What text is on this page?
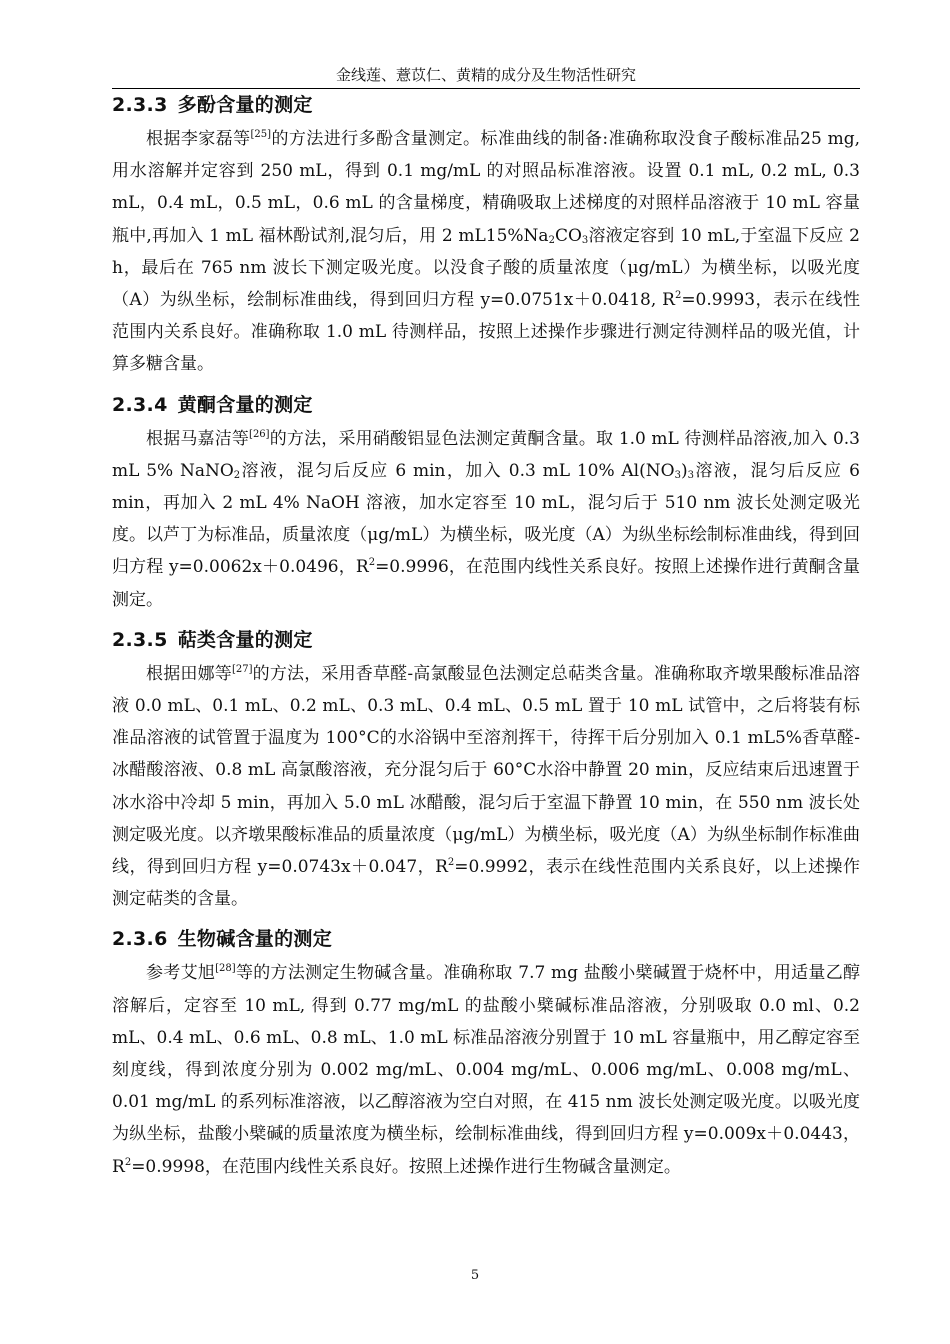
金线莲、薏苡仁、黄精的成分及生物活性研究
2.3.3 多酚含量的测定

根据李家磊等[25]的方法进行多酚含量测定。标准曲线的制备:准确称取没食子酸标准品25 mg,用水溶解并定容到 250 mL，得到 0.1 mg/mL 的对照品标准溶液。设置 0.1 mL, 0.2 mL, 0.3 mL，0.4 mL，0.5 mL，0.6 mL 的含量梯度，精确吸取上述梯度的对照样品溶液于 10 mL 容量瓶中,再加入 1 mL 福林酚试剂,混匀后，用 2 $mL15\%Na_2CO_3$溶液定容到 10 mL,于室温下反应 2 h，最后在 765 nm 波长下测定吸光度。以没食子酸的质量浓度（μg/mL）为横坐标，以吸光度（A）为纵坐标，绘制标准曲线，得到回归方程 y=0.0751x＋0.0418, $R^2=0.9993$，表示在线性范围内关系良好。准确称取 1.0 mL 待测样品，按照上述操作步骤进行测定待测样品的吸光值，计算多糖含量。

2.3.4 黄酮含量的测定

根据马嘉洁等[26]的方法，采用硝酸铝显色法测定黄酮含量。取 1.0 mL 待测样品溶液,加入 0.3 mL 5% NaNO$_2$溶液，混匀后反应 6 min，加入 0.3 mL 10% $Al(NO_3)_3$溶液，混匀后反应 6 min，再加入 2 mL 4% NaOH 溶液，加水定容至 10 mL，混匀后于 510 nm 波长处测定吸光度。以芦丁为标准品，质量浓度（μg/mL）为横坐标，吸光度（A）为纵坐标绘制标准曲线，得到回归方程 y=0.0062x＋0.0496，$R^2=0.9996$，在范围内线性关系良好。按照上述操作进行黄酮含量测定。

2.3.5 萜类含量的测定

根据田娜等[27]的方法，采用香草醛-高氯酸显色法测定总萜类含量。准确称取齐墩果酸标准品溶液 0.0 mL、0.1 mL、0.2 mL、0.3 mL、0.4 mL、0.5 mL 置于 10 mL 试管中，之后将装有标准品溶液的试管置于温度为 100°C的水浴锅中至溶剂挥干，待挥干后分别加入 0.1 mL5%香草醛-冰醋酸溶液、0.8 mL 高氯酸溶液，充分混匀后于 60°C水浴中静置 20 min，反应结束后迅速置于冰水浴中冷却 5 min，再加入 5.0 mL 冰醋酸，混匀后于室温下静置 10 min，在 550 nm 波长处测定吸光度。以齐墩果酸标准品的质量浓度（μg/mL）为横坐标，吸光度（A）为纵坐标制作标准曲线，得到回归方程 y=0.0743x＋0.047，$R^2=0.9992$，表示在线性范围内关系良好，以上述操作测定萜类的含量。

2.3.6 生物碱含量的测定

参考艾旭[28]等的方法测定生物碱含量。准确称取 7.7 mg 盐酸小檗碱置于烧杯中，用适量乙醇溶解后，定容至 10 mL, 得到 0.77 mg/mL 的盐酸小檗碱标准品溶液，分别吸取 0.0 ml、0.2 mL、0.4 mL、0.6 mL、0.8 mL、1.0 mL 标准品溶液分别置于 10 mL 容量瓶中，用乙醇定容至刻度线，得到浓度分别为 0.002 mg/mL、0.004 mg/mL、0.006 mg/mL、0.008 mg/mL、0.01 mg/mL 的系列标准溶液，以乙醇溶液为空白对照，在 415 nm 波长处测定吸光度。以吸光度为纵坐标，盐酸小檗碱的质量浓度为横坐标，绘制标准曲线，得到回归方程 y=0.009x＋0.0443，$R^2=0.9998$，在范围内线性关系良好。按照上述操作进行生物碱含量测定。

5
